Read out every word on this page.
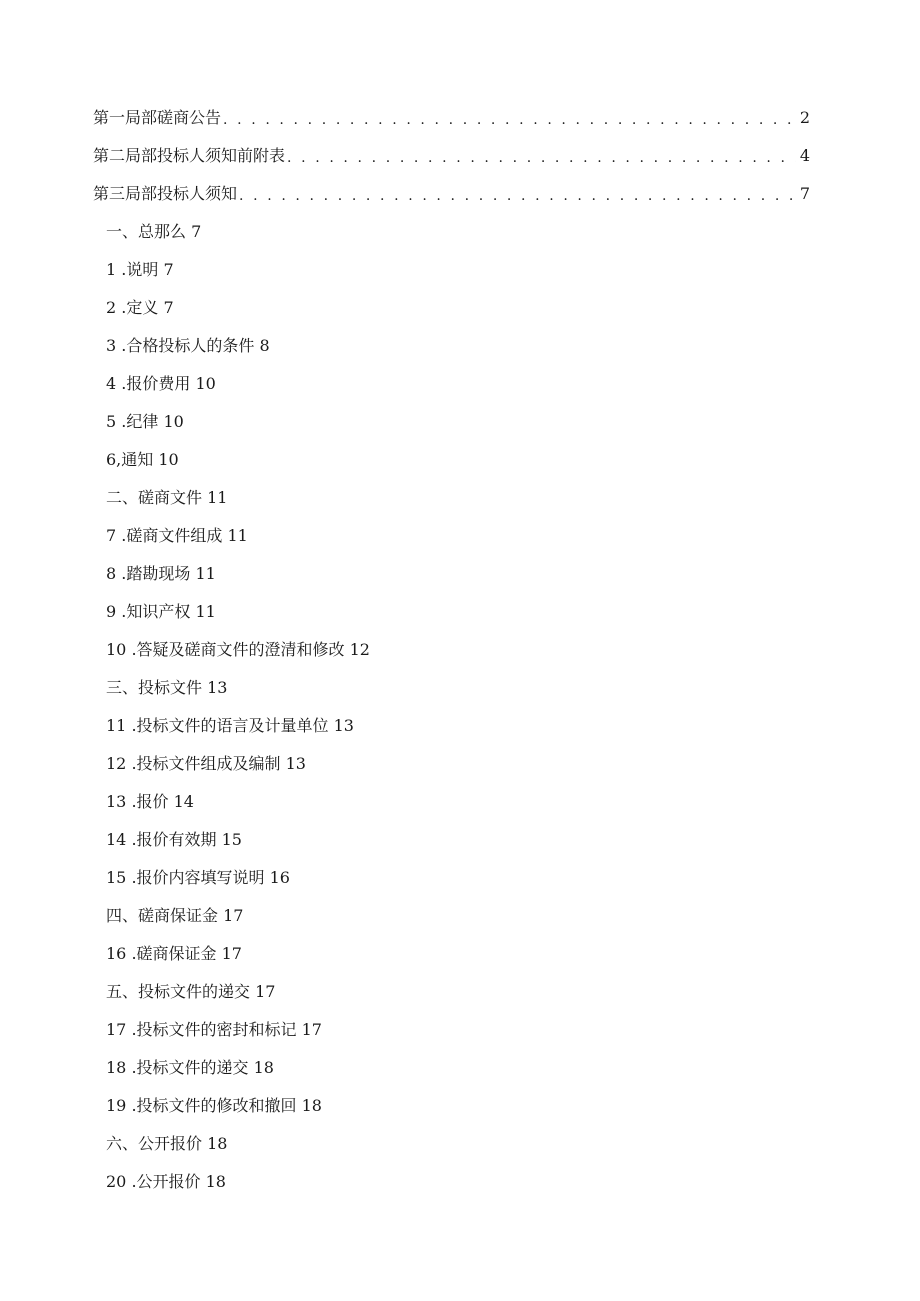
第一局部磋商公告 . . .	2
第二局部投标人须知前附表 . . .	4
第三局部投标人须知 . . .	7
一、总那么 7
1 .说明 7
2 .定义 7
3 .合格投标人的条件 8
4 .报价费用 10
5 .纪律 10
6,通知 10
二、磋商文件 11
7 .磋商文件组成 11
8 .踏勘现场 11
9 .知识产权 11
10 .答疑及磋商文件的澄清和修改 12
三、投标文件 13
11 .投标文件的语言及计量单位 13
12 .投标文件组成及编制 13
13 .报价 14
14 .报价有效期 15
15 .报价内容填写说明 16
四、磋商保证金 17
16 .磋商保证金 17
五、投标文件的递交 17
17 .投标文件的密封和标记 17
18 .投标文件的递交 18
19 .投标文件的修改和撤回 18
六、公开报价 18
20 .公开报价 18
